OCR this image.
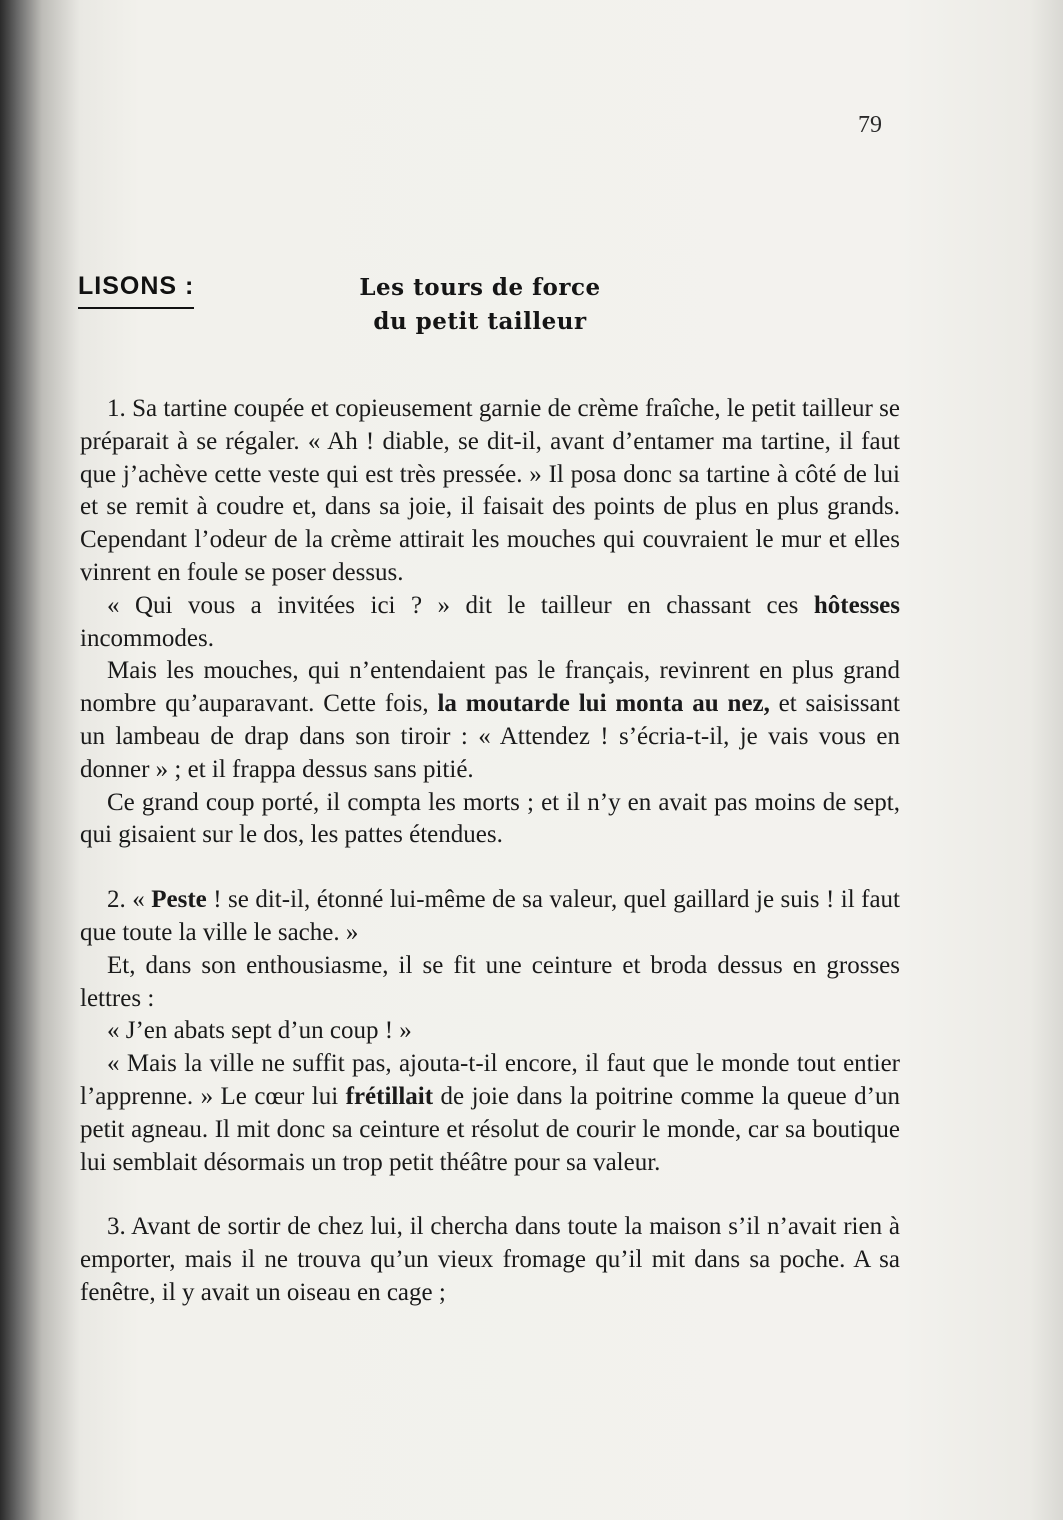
79
LISONS :	Les tours de force
du petit tailleur

1. Sa tartine coupée et copieusement garnie de crème fraîche, le petit tailleur se préparait à se régaler. « Ah ! diable, se dit-il, avant d’entamer ma tartine, il faut que j’achève cette veste qui est très pressée. » Il posa donc sa tartine à côté de lui et se remit à coudre et, dans sa joie, il faisait des points de plus en plus grands. Cependant l’odeur de la crème attirait les mouches qui couvraient le mur et elles vinrent en foule se poser dessus.

« Qui vous a invitées ici ? » dit le tailleur en chassant ces hôtesses incommodes.

Mais les mouches, qui n’entendaient pas le français, revinrent en plus grand nombre qu’auparavant. Cette fois, la moutarde lui monta au nez, et saisissant un lambeau de drap dans son tiroir : « Attendez ! s’écria-t-il, je vais vous en donner » ; et il frappa dessus sans pitié.

Ce grand coup porté, il compta les morts ; et il n’y en avait pas moins de sept, qui gisaient sur le dos, les pattes étendues.

2. « Peste ! se dit-il, étonné lui-même de sa valeur, quel gaillard je suis ! il faut que toute la ville le sache. »

Et, dans son enthousiasme, il se fit une ceinture et broda dessus en grosses lettres :

« J’en abats sept d’un coup ! »

« Mais la ville ne suffit pas, ajouta-t-il encore, il faut que le monde tout entier l’apprenne. » Le cœur lui frétillait de joie dans la poitrine comme la queue d’un petit agneau. Il mit donc sa ceinture et résolut de courir le monde, car sa boutique lui semblait désormais un trop petit théâtre pour sa valeur.

3. Avant de sortir de chez lui, il chercha dans toute la maison s’il n’avait rien à emporter, mais il ne trouva qu’un vieux fromage qu’il mit dans sa poche. A sa fenêtre, il y avait un oiseau en cage ;
